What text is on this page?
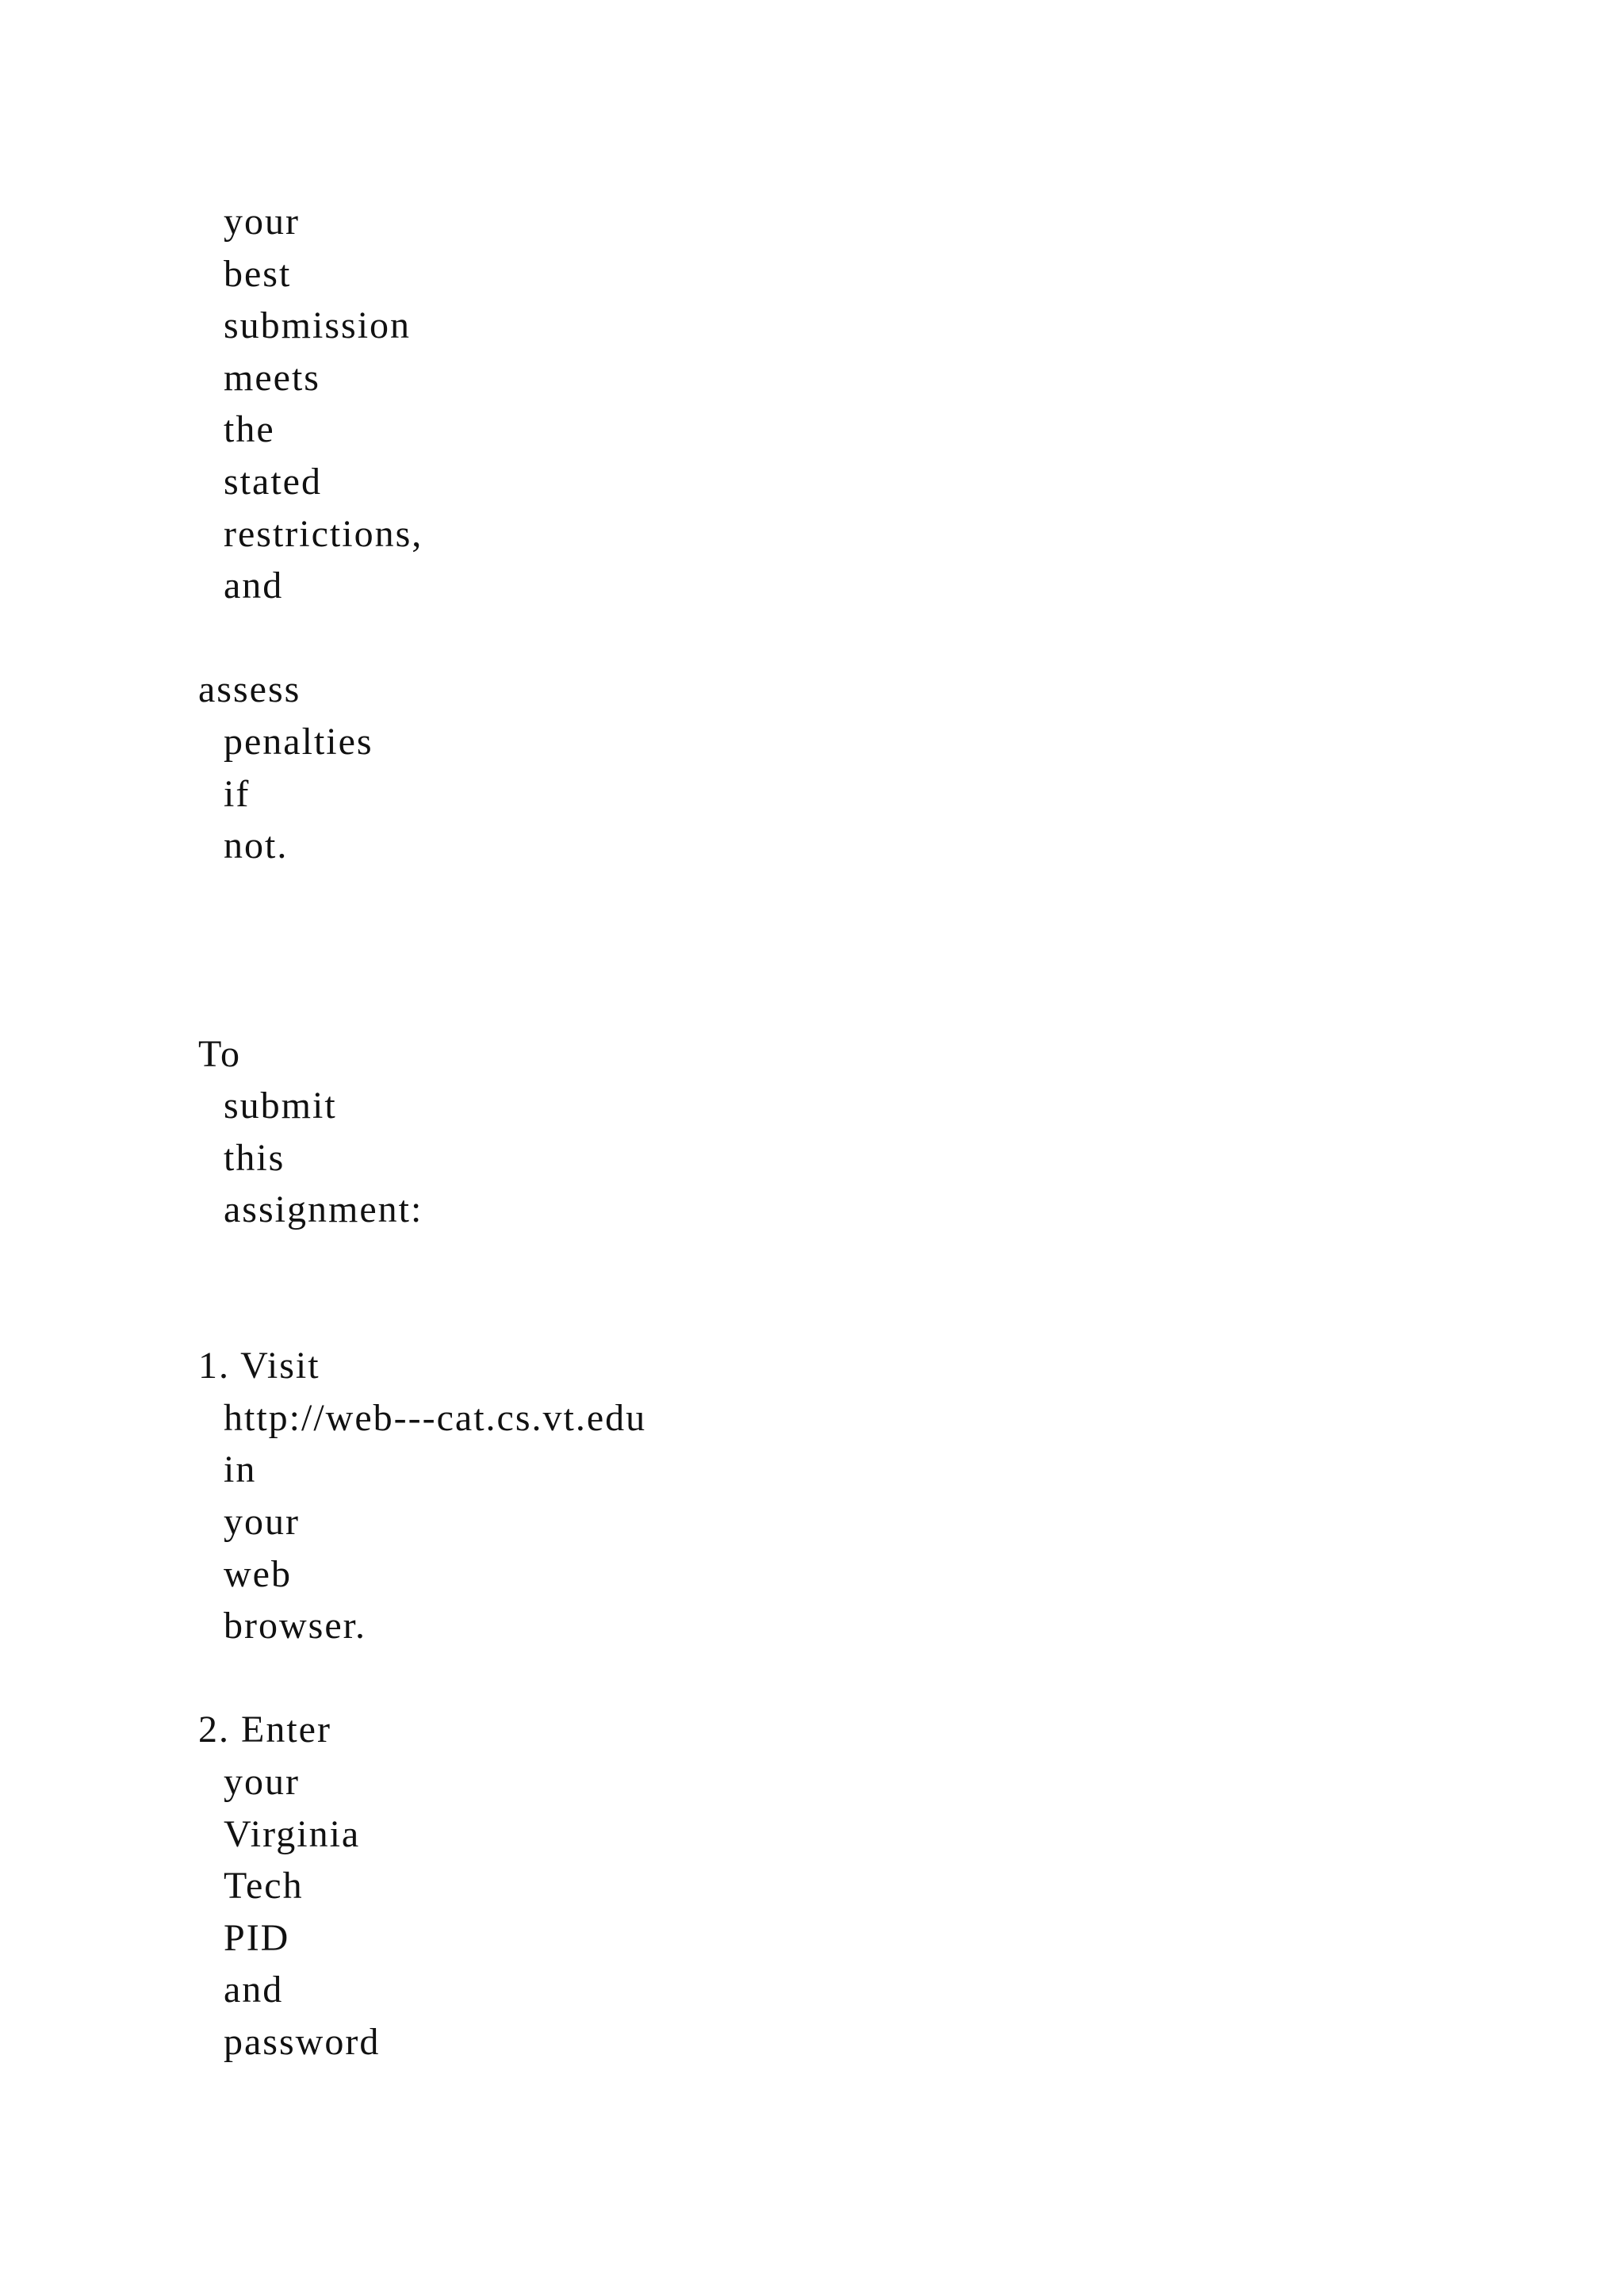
your
best
submission
meets
the
stated
restrictions,
and
assess
penalties
if
not.
To
submit
this
assignment:
1. Visit
http://web---cat.cs.vt.edu
in
your
web
browser.
2. Enter
your
Virginia
Tech
PID
and
password
